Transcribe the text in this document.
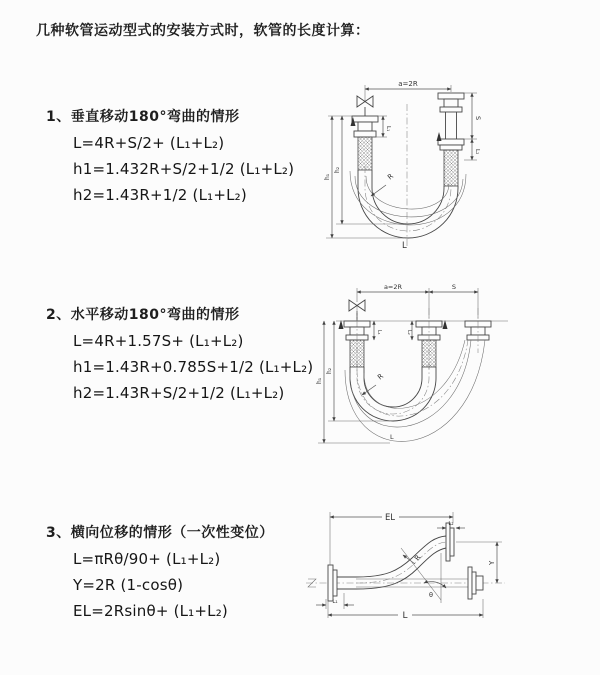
几种软管运动型式的安装方式时，软管的长度计算：
1、垂直移动180°弯曲的情形
L=4R+S/2+ (L₁+L₂)
h1=1.432R+S/2+1/2 (L₁+L₂)
h2=1.43R+1/2 (L₁+L₂)
2、水平移动180°弯曲的情形
L=4R+1.57S+ (L₁+L₂)
h1=1.43R+0.785S+1/2 (L₁+L₂)
h2=1.43R+S/2+1/2 (L₁+L₂)
3、横向位移的情形（一次性变位）
L=πRθ/90+ (L₁+L₂)
Y=2R (1-cosθ)
EL=2Rsinθ+ (L₁+L₂)
a=2R
L₁
S
L₂
R
h₁
h₂
L
a=2R	S
L₁	L₂
R
h₁
h₂
L
EL
L₂
Y
R
θ
L₁
L
